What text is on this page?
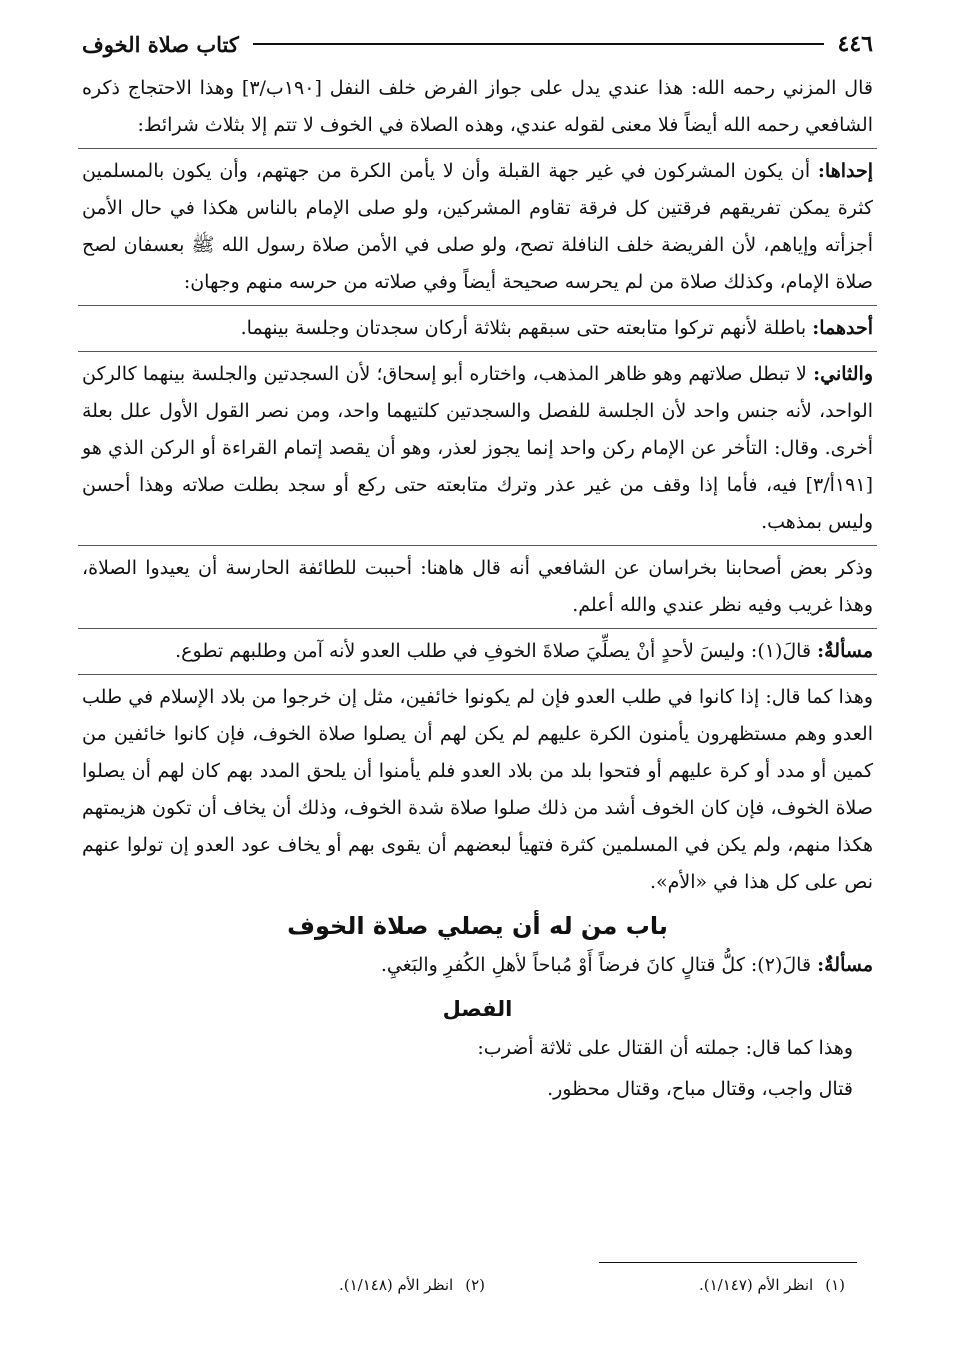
٤٤٦
كتاب صلاة الخوف

قال المزني رحمه الله: هذا عندي يدل على جواز الفرض خلف النفل [١٩٠ب/٣] وهذا الاحتجاج ذكره الشافعي رحمه الله أيضاً فلا معنى لقوله عندي، وهذه الصلاة في الخوف لا تتم إلا بثلاث شرائط:

إحداها: أن يكون المشركون في غير جهة القبلة وأن لا يأمن الكرة من جهتهم، وأن يكون بالمسلمين كثرة يمكن تفريقهم فرقتين كل فرقة تقاوم المشركين، ولو صلى الإمام بالناس هكذا في حال الأمن أجزأته وإياهم، لأن الفريضة خلف النافلة تصح، ولو صلى في الأمن صلاة رسول الله ﷺ بعسفان لصح صلاة الإمام، وكذلك صلاة من لم يحرسه صحيحة أيضاً وفي صلاته من حرسه منهم وجهان:

أحدهما: باطلة لأنهم تركوا متابعته حتى سبقهم بثلاثة أركان سجدتان وجلسة بينهما.

والثاني: لا تبطل صلاتهم وهو ظاهر المذهب، واختاره أبو إسحاق؛ لأن السجدتين والجلسة بينهما كالركن الواحد، لأنه جنس واحد لأن الجلسة للفصل والسجدتين كلتيهما واحد، ومن نصر القول الأول علل بعلة أخرى. وقال: التأخر عن الإمام ركن واحد إنما يجوز لعذر، وهو أن يقصد إتمام القراءة أو الركن الذي هو [١٩١أ/٣] فيه، فأما إذا وقف من غير عذر وترك متابعته حتى ركع أو سجد بطلت صلاته وهذا أحسن وليس بمذهب.

وذكر بعض أصحابنا بخراسان عن الشافعي أنه قال هاهنا: أحببت للطائفة الحارسة أن يعيدوا الصلاة، وهذا غريب وفيه نظر عندي والله أعلم.

مسألةٌ: قالَ(١): وليسَ لأحدٍ أنْ يصلِّيَ صلاةَ الخوفِ في طلب العدو لأنه آمن وطلبهم تطوع.

وهذا كما قال: إذا كانوا في طلب العدو فإن لم يكونوا خائفين، مثل إن خرجوا من بلاد الإسلام في طلب العدو وهم مستظهرون يأمنون الكرة عليهم لم يكن لهم أن يصلوا صلاة الخوف، فإن كانوا خائفين من كمين أو مدد أو كرة عليهم أو فتحوا بلد من بلاد العدو فلم يأمنوا أن يلحق المدد بهم كان لهم أن يصلوا صلاة الخوف، فإن كان الخوف أشد من ذلك صلوا صلاة شدة الخوف، وذلك أن يخاف أن تكون هزيمتهم هكذا منهم، ولم يكن في المسلمين كثرة فتهيأ لبعضهم أن يقوى بهم أو يخاف عود العدو إن تولوا عنهم نص على كل هذا في «الأم».

باب من له أن يصلي صلاة الخوف

مسألةٌ: قالَ(٢): كلُّ قتالٍ كانَ فرضاً أَوْ مُباحاً لأهلِ الكُفرِ والبَغيِ.

الفصل

وهذا كما قال: جملته أن القتال على ثلاثة أضرب:

قتال واجب، وقتال مباح، وقتال محظور.

(١)انظر الأم (١/١٤٧).
(٢)انظر الأم (١/١٤٨).
